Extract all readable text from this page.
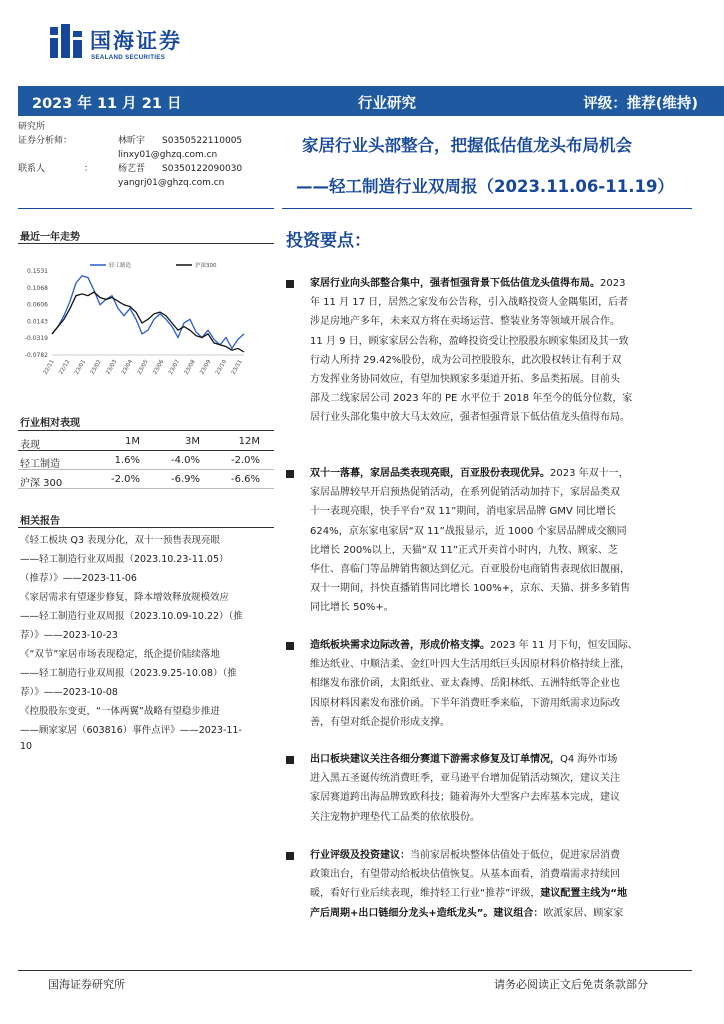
国海证券
SEALAND SECURITIES
2023 年 11 月 21 日	行业研究	评级：推荐(维持)
研究所
证券分析师：	林昕宇 S0350522110005
linxy01@ghzq.com.cn
联系人	：	杨艺晋 S0350122090030
yangrj01@ghzq.com.cn
家居行业头部整合，把握低估值龙头布局机会
——轻工制造行业双周报（2023.11.06-11.19）
最近一年走势
0.1531
0.1068
0.0606
0.0143
-0.0319
-0.0782
22/11 22/12 23/01 23/02 23/03 23/04 23/05 23/06 23/07 23/08 23/09 23/10 23/11
轻工制造	沪深300
行业相对表现
表现	1M	3M	12M
轻工制造	1.6%	-4.0%	-2.0%
沪深 300	-2.0%	-6.9%	-6.6%
相关报告
《轻工板块 Q3 表现分化，双十一预售表现亮眼
——轻工制造行业双周报（2023.10.23-11.05）
（推荐）》——2023-11-06
《家居需求有望逐步修复，降本增效释放规模效应
——轻工制造行业双周报（2023.10.09-10.22）（推
荐）》——2023-10-23
《“双节”家居市场表现稳定，纸企提价陆续落地
——轻工制造行业双周报（2023.9.25-10.08）（推
荐）》——2023-10-08
《控股股东变更，“一体两翼”战略有望稳步推进
——顾家家居（603816）事件点评》——2023-11-
10
投资要点：
家居行业向头部整合集中，强者恒强背景下低估值龙头值得布局。2023
年 11 月 17 日，居然之家发布公告称，引入战略投资人金隅集团，后者
涉足房地产多年，未来双方将在卖场运营、整装业务等领域开展合作。
11 月 9 日，顾家家居公告称，盈峰投资受让控股股东顾家集团及其一致
行动人所持 29.42%股份，成为公司控股股东，此次股权转让有利于双
方发挥业务协同效应，有望加快顾家多渠道开拓、多品类拓展。目前头
部及二线家居公司 2023 年的 PE 水平位于 2018 年至今的低分位数，家
居行业头部化集中放大马太效应，强者恒强背景下低估值龙头值得布局。
双十一落幕，家居品类表现亮眼，百亚股份表现优异。2023 年双十一，
家居品牌较早开启预热促销活动，在系列促销活动加持下，家居品类双
十一表现亮眼，快手平台“双 11”期间，消电家居品牌 GMV 同比增长
624%，京东家电家居“双 11”战报显示，近 1000 个家居品牌成交额同
比增长 200%以上，天猫“双 11”正式开卖首小时内，九牧、顾家、芝
华仕、喜临门等品牌销售额达到亿元。百亚股份电商销售表现依旧靓丽，
双十一期间，抖快直播销售同比增长 100%+，京东、天猫、拼多多销售
同比增长 50%+。
造纸板块需求边际改善，形成价格支撑。2023 年 11 月下旬，恒安国际、
维达纸业、中顺洁柔、金红叶四大生活用纸巨头因原材料价格持续上涨，
相继发布涨价函，太阳纸业、亚太森博、岳阳林纸、五洲特纸等企业也
因原材料因素发布涨价函。下半年消费旺季来临，下游用纸需求边际改
善，有望对纸企提价形成支撑。
出口板块建议关注各细分赛道下游需求修复及订单情况，Q4 海外市场
进入黑五圣诞传统消费旺季，亚马逊平台增加促销活动频次，建议关注
家居赛道跨出海品牌致欧科技；随着海外大型客户去库基本完成，建议
关注宠物护理垫代工品类的依依股份。
行业评级及投资建议：当前家居板块整体估值处于低位，促进家居消费
政策出台，有望带动给板块估值恢复。从基本面看，消费端需求持续回
暖，看好行业后续表现，维持轻工行业“推荐”评级，建议配置主线为“地
产后周期+出口链细分龙头+造纸龙头”。建议组合：欧派家居、顾家家
国海证券研究所	请务必阅读正文后免责条款部分
